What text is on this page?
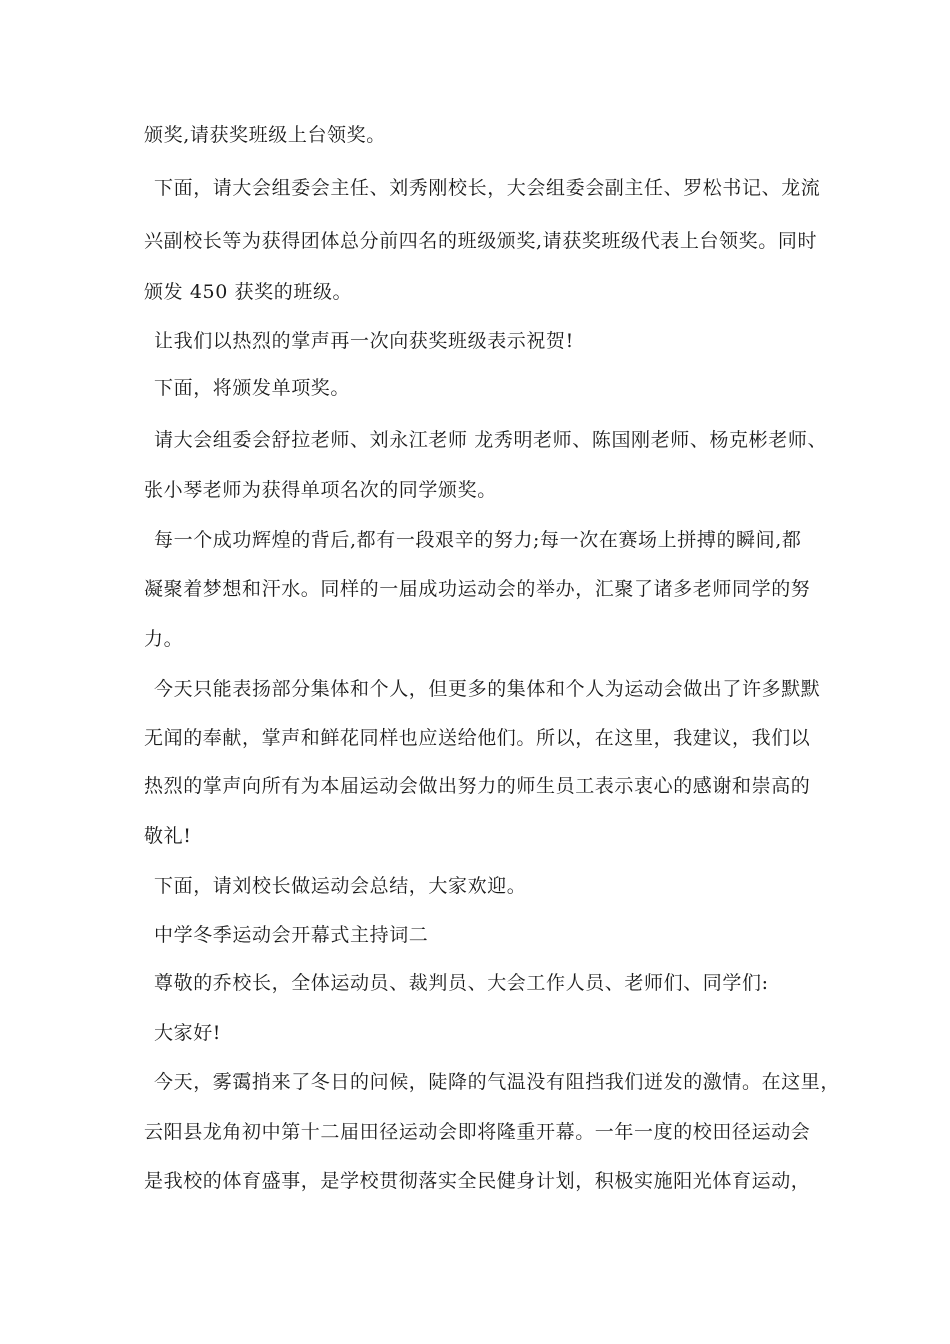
颁奖,请获奖班级上台领奖。
下面，请大会组委会主任、刘秀刚校长，大会组委会副主任、罗松书记、龙流
兴副校长等为获得团体总分前四名的班级颁奖,请获奖班级代表上台领奖。同时
颁发 450 获奖的班级。
让我们以热烈的掌声再一次向获奖班级表示祝贺!
下面，将颁发单项奖。
请大会组委会舒拉老师、刘永江老师 龙秀明老师、陈国刚老师、杨克彬老师、
张小琴老师为获得单项名次的同学颁奖。
每一个成功辉煌的背后,都有一段艰辛的努力;每一次在赛场上拼搏的瞬间,都
凝聚着梦想和汗水。同样的一届成功运动会的举办，汇聚了诸多老师同学的努
力。
今天只能表扬部分集体和个人，但更多的集体和个人为运动会做出了许多默默
无闻的奉献，掌声和鲜花同样也应送给他们。所以，在这里，我建议，我们以
热烈的掌声向所有为本届运动会做出努力的师生员工表示衷心的感谢和崇高的
敬礼!
下面，请刘校长做运动会总结，大家欢迎。
中学冬季运动会开幕式主持词二
尊敬的乔校长，全体运动员、裁判员、大会工作人员、老师们、同学们:
大家好!
今天，雾霭捎来了冬日的问候，陡降的气温没有阻挡我们迸发的激情。在这里，
云阳县龙角初中第十二届田径运动会即将隆重开幕。一年一度的校田径运动会
是我校的体育盛事，是学校贯彻落实全民健身计划，积极实施阳光体育运动，
